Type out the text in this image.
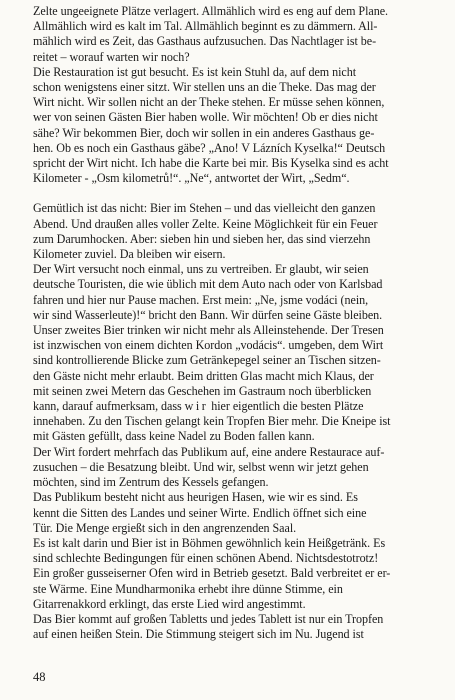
Zelte ungeeignete Plätze verlagert. Allmählich wird es eng auf dem Plane.
Allmählich wird es kalt im Tal. Allmählich beginnt es zu dämmern. All-
mählich wird es Zeit, das Gasthaus aufzusuchen. Das Nachtlager ist be-
reitet – worauf warten wir noch?

Die Restauration ist gut besucht. Es ist kein Stuhl da, auf dem nicht
schon wenigstens einer sitzt. Wir stellen uns an die Theke. Das mag der
Wirt nicht. Wir sollen nicht an der Theke stehen. Er müsse sehen können,
wer von seinen Gästen Bier haben wolle. Wir möchten! Ob er dies nicht
sähe? Wir bekommen Bier, doch wir sollen in ein anderes Gasthaus ge-
hen. Ob es noch ein Gasthaus gäbe? „Ano! V Lázních Kyselka!“ Deutsch
spricht der Wirt nicht. Ich habe die Karte bei mir. Bis Kyselka sind es acht
Kilometer - „Osm kilometrů!“. „Ne“, antwortet der Wirt, „Sedm“.

Gemütlich ist das nicht: Bier im Stehen – und das vielleicht den ganzen
Abend. Und draußen alles voller Zelte. Keine Möglichkeit für ein Feuer
zum Darumhocken. Aber: sieben hin und sieben her, das sind vierzehn
Kilometer zuviel. Da bleiben wir eisern.

Der Wirt versucht noch einmal, uns zu vertreiben. Er glaubt, wir seien
deutsche Touristen, die wie üblich mit dem Auto nach oder von Karlsbad
fahren und hier nur Pause machen. Erst mein: „Ne, jsme vodáci (nein,
wir sind Wasserleute)!“ bricht den Bann. Wir dürfen seine Gäste bleiben.
Unser zweites Bier trinken wir nicht mehr als Alleinstehende. Der Tresen
ist inzwischen von einem dichten Kordon „vodácis“. umgeben, dem Wirt
sind kontrollierende Blicke zum Getränkepegel seiner an Tischen sitzen-
den Gäste nicht mehr erlaubt. Beim dritten Glas macht mich Klaus, der
mit seinen zwei Metern das Geschehen im Gastraum noch überblicken
kann, darauf aufmerksam, dass wir hier eigentlich die besten Plätze
innehaben. Zu den Tischen gelangt kein Tropfen Bier mehr. Die Kneipe ist
mit Gästen gefüllt, dass keine Nadel zu Boden fallen kann.

Der Wirt fordert mehrfach das Publikum auf, eine andere Restaurace auf-
zusuchen – die Besatzung bleibt. Und wir, selbst wenn wir jetzt gehen
möchten, sind im Zentrum des Kessels gefangen.

Das Publikum besteht nicht aus heurigen Hasen, wie wir es sind. Es
kennt die Sitten des Landes und seiner Wirte. Endlich öffnet sich eine
Tür. Die Menge ergießt sich in den angrenzenden Saal.

Es ist kalt darin und Bier ist in Böhmen gewöhnlich kein Heißgetränk. Es
sind schlechte Bedingungen für einen schönen Abend. Nichtsdestotrotz!
Ein großer gusseiserner Ofen wird in Betrieb gesetzt. Bald verbreitet er er-
ste Wärme. Eine Mundharmonika erhebt ihre dünne Stimme, ein
Gitarrenakkord erklingt, das erste Lied wird angestimmt.

Das Bier kommt auf großen Tabletts und jedes Tablett ist nur ein Tropfen
auf einen heißen Stein. Die Stimmung steigert sich im Nu. Jugend ist

48
